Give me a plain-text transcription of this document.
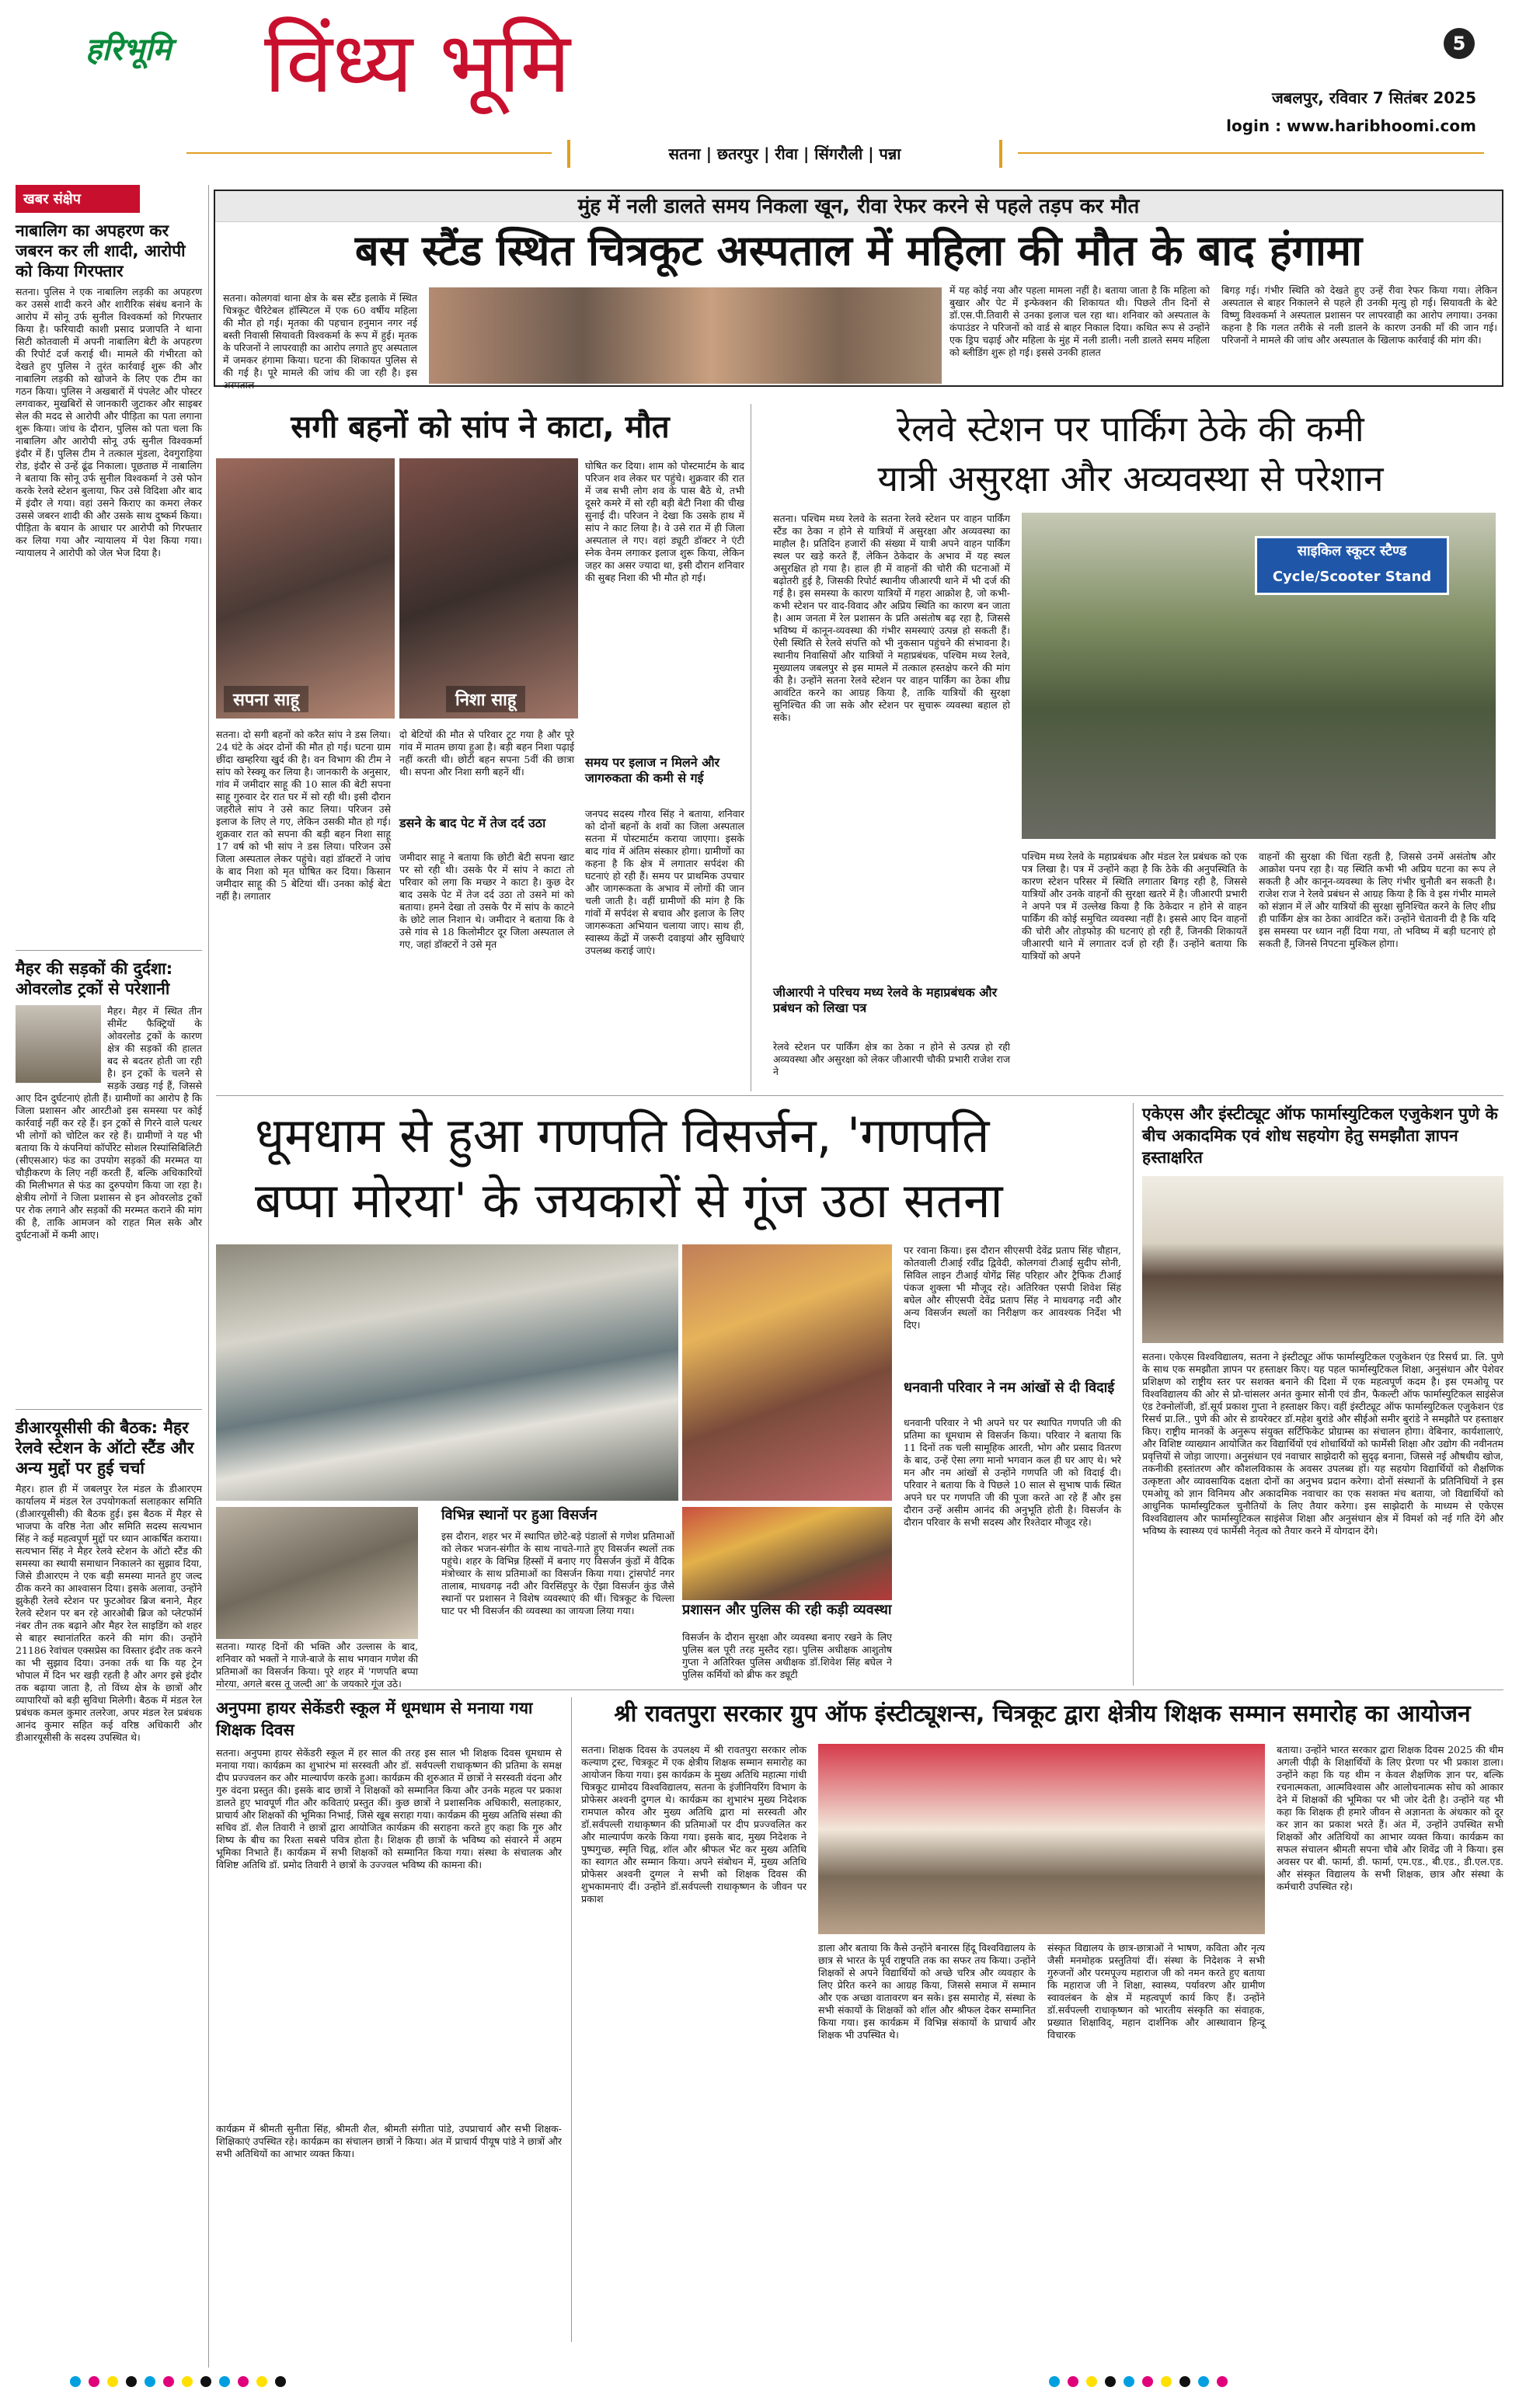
हरिभूमि विंध्य भूमि	5
जबलपुर, रविवार 7 सितंबर 2025
login : www.haribhoomi.com
सतना | छतरपुर | रीवा | सिंगरौली | पन्ना
खबर संक्षेप
नाबालिग का अपहरण कर जबरन कर ली शादी, आरोपी को किया गिरफ्तार
सतना। पुलिस ने एक नाबालिग लड़की का अपहरण कर उससे शादी करने और शारीरिक संबंध बनाने के आरोप में सोनू उर्फ सुनील विश्वकर्मा को गिरफ्तार किया है। फरियादी काशी प्रसाद प्रजापति ने थाना सिटी कोतवाली में अपनी नाबालिग बेटी के अपहरण की रिपोर्ट दर्ज कराई थी। मामले की गंभीरता को देखते हुए पुलिस ने तुरंत कार्रवाई शुरू की और नाबालिग लड़की को खोजने के लिए एक टीम का गठन किया। पुलिस ने अखबारों में पंपलेट और पोस्टर लगवाकर, मुखबिरों से जानकारी जुटाकर और साइबर सेल की मदद से आरोपी और पीड़िता का पता लगाना शुरू किया। जांच के दौरान, पुलिस को पता चला कि नाबालिग और आरोपी सोनू उर्फ सुनील विश्वकर्मा इंदौर में हैं। पुलिस टीम ने तत्काल मुंडला, देवगुराड़िया रोड, इंदौर से उन्हें ढूंढ निकाला। पूछताछ में नाबालिग ने बताया कि सोनू उर्फ सुनील विश्वकर्मा ने उसे फोन करके रेलवे स्टेशन बुलाया, फिर उसे विदिशा और बाद में इंदौर ले गया। वहां उसने किराए का कमरा लेकर उससे जबरन शादी की और उसके साथ दुष्कर्म किया। पीड़िता के बयान के आधार पर आरोपी को गिरफ्तार कर लिया गया और न्यायालय में पेश किया गया। न्यायालय ने आरोपी को जेल भेज दिया है।
मैहर की सड़कों की दुर्दशा: ओवरलोड ट्रकों से परेशानी
मैहर। मैहर में स्थित तीन सीमेंट फैक्ट्रियों के ओवरलोड ट्रकों के कारण क्षेत्र की सड़कों की हालत बद से बदतर होती जा रही है। इन ट्रकों के चलने से सड़कें उखड़ गई हैं, जिससे आए दिन दुर्घटनाएं होती हैं। ग्रामीणों का आरोप है कि जिला प्रशासन और आरटीओ इस समस्या पर कोई कार्रवाई नहीं कर रहे हैं। इन ट्रकों से गिरने वाले पत्थर भी लोगों को चोटिल कर रहे हैं। ग्रामीणों ने यह भी बताया कि ये कंपनियां कॉर्पोरेट सोशल रिस्पांसिबिलिटी (सीएसआर) फंड का उपयोग सड़कों की मरम्मत या चौड़ीकरण के लिए नहीं करती हैं, बल्कि अधिकारियों की मिलीभगत से फंड का दुरुपयोग किया जा रहा है। क्षेत्रीय लोगों ने जिला प्रशासन से इन ओवरलोड ट्रकों पर रोक लगाने और सड़कों की मरम्मत कराने की मांग की है, ताकि आमजन को राहत मिल सके और दुर्घटनाओं में कमी आए।
डीआरयूसीसी की बैठक: मैहर रेलवे स्टेशन के ऑटो स्टैंड और अन्य मुद्दों पर हुई चर्चा
मैहर। हाल ही में जबलपुर रेल मंडल के डीआरएम कार्यालय में मंडल रेल उपयोगकर्ता सलाहकार समिति (डीआरयूसीसी) की बैठक हुई। इस बैठक में मैहर से भाजपा के वरिष्ठ नेता और समिति सदस्य सत्यभान सिंह ने कई महत्वपूर्ण मुद्दों पर ध्यान आकर्षित कराया। सत्यभान सिंह ने मैहर रेलवे स्टेशन के ऑटो स्टैंड की समस्या का स्थायी समाधान निकालने का सुझाव दिया, जिसे डीआरएम ने एक बड़ी समस्या मानते हुए जल्द ठीक करने का आश्वासन दिया। इसके अलावा, उन्होंने झुकेही रेलवे स्टेशन पर फुटओवर ब्रिज बनाने, मैहर रेलवे स्टेशन पर बन रहे आरओबी ब्रिज को प्लेटफॉर्म नंबर तीन तक बढ़ाने और मैहर रेल साइडिंग को शहर से बाहर स्थानांतरित करने की मांग की। उन्होंने 21186 रेवांचल एक्सप्रेस का विस्तार इंदौर तक करने का भी सुझाव दिया। उनका तर्क था कि यह ट्रेन भोपाल में दिन भर खड़ी रहती है और अगर इसे इंदौर तक बढ़ाया जाता है, तो विंध्य क्षेत्र के छात्रों और व्यापारियों को बड़ी सुविधा मिलेगी। बैठक में मंडल रेल प्रबंधक कमल कुमार तलरेजा, अपर मंडल रेल प्रबंधक आनंद कुमार सहित कई वरिष्ठ अधिकारी और डीआरयूसीसी के सदस्य उपस्थित थे।
मुंह में नली डालते समय निकला खून, रीवा रेफर करने से पहले तड़प कर मौत
बस स्टैंड स्थित चित्रकूट अस्पताल में महिला की मौत के बाद हंगामा
सतना। कोलगवां थाना क्षेत्र के बस स्टैंड इलाके में स्थित चित्रकूट चैरिटेबल हॉस्पिटल में एक 60 वर्षीय महिला की मौत हो गई। मृतका की पहचान हनुमान नगर नई बस्ती निवासी सियावती विश्वकर्मा के रूप में हुई। मृतक के परिजनों ने लापरवाही का आरोप लगाते हुए अस्पताल में जमकर हंगामा किया। घटना की शिकायत पुलिस से की गई है। पूरे मामले की जांच की जा रही है। इस अस्पताल
में यह कोई नया और पहला मामला नहीं है। बताया जाता है कि महिला को बुखार और पेट में इन्फेक्शन की शिकायत थी। पिछले तीन दिनों से डॉ.एस.पी.तिवारी से उनका इलाज चल रहा था। शनिवार को अस्पताल के कंपाउंडर ने परिजनों को वार्ड से बाहर निकाल दिया। कथित रूप से उन्होंने एक ड्रिप चढ़ाई और महिला के मुंह में नली डाली। नली डालते समय महिला को ब्लीडिंग शुरू हो गई। इससे उनकी हालत
बिगड़ गई। गंभीर स्थिति को देखते हुए उन्हें रीवा रेफर किया गया। लेकिन अस्पताल से बाहर निकालने से पहले ही उनकी मृत्यु हो गई। सियावती के बेटे विष्णु विश्वकर्मा ने अस्पताल प्रशासन पर लापरवाही का आरोप लगाया। उनका कहना है कि गलत तरीके से नली डालने के कारण उनकी माँ की जान गई। परिजनों ने मामले की जांच और अस्पताल के खिलाफ कार्रवाई की मांग की।
सगी बहनों को सांप ने काटा, मौत
सपना साहू	निशा साहू
सतना। दो सगी बहनों को करैत सांप ने डस लिया। 24 घंटे के अंदर दोनों की मौत हो गई। घटना ग्राम छींदा खम्हरिया खुर्द की है। वन विभाग की टीम ने सांप को रेस्क्यू कर लिया है। जानकारी के अनुसार, गांव में जमीदार साहू की 10 साल की बेटी सपना साहू गुरुवार देर रात घर में सो रही थी। इसी दौरान जहरीले सांप ने उसे काट लिया। परिजन उसे इलाज के लिए ले गए, लेकिन उसकी मौत हो गई। शुक्रवार रात को सपना की बड़ी बहन निशा साहू 17 वर्ष को भी सांप ने डस लिया। परिजन उसे जिला अस्पताल लेकर पहुंचे। वहां डॉक्टरों ने जांच के बाद निशा को मृत घोषित कर दिया। किसान जमीदार साहू की 5 बेटियां थीं। उनका कोई बेटा नहीं है। लगातार
दो बेटियों की मौत से परिवार टूट गया है और पूरे गांव में मातम छाया हुआ है। बड़ी बहन निशा पढ़ाई नहीं करती थी। छोटी बहन सपना 5वीं की छात्रा थी। सपना और निशा सगी बहनें थीं।
डसने के बाद पेट में तेज दर्द उठा
जमीदार साहू ने बताया कि छोटी बेटी सपना खाट पर सो रही थी। उसके पैर में सांप ने काटा तो परिवार को लगा कि मच्छर ने काटा है। कुछ देर बाद उसके पेट में तेज दर्द उठा तो उसने मां को बताया। हमने देखा तो उसके पैर में सांप के काटने के छोटे लाल निशान थे। जमीदार ने बताया कि वे उसे गांव से 18 किलोमीटर दूर जिला अस्पताल ले गए, जहां डॉक्टरों ने उसे मृत
घोषित कर दिया। शाम को पोस्टमार्टम के बाद परिजन शव लेकर घर पहुंचे। शुक्रवार की रात में जब सभी लोग शव के पास बैठे थे, तभी दूसरे कमरे में सो रही बड़ी बेटी निशा की चीख सुनाई दी। परिजन ने देखा कि उसके हाथ में सांप ने काट लिया है। वे उसे रात में ही जिला अस्पताल ले गए। वहां ड्यूटी डॉक्टर ने एंटी स्नेक वेनम लगाकर इलाज शुरू किया, लेकिन जहर का असर ज्यादा था, इसी दौरान शनिवार की सुबह निशा की भी मौत हो गई।
समय पर इलाज न मिलने और जागरुकता की कमी से गई
जनपद सदस्य गौरव सिंह ने बताया, शनिवार को दोनों बहनों के शवों का जिला अस्पताल सतना में पोस्टमार्टम कराया जाएगा। इसके बाद गांव में अंतिम संस्कार होगा। ग्रामीणों का कहना है कि क्षेत्र में लगातार सर्पदंश की घटनाएं हो रही हैं। समय पर प्राथमिक उपचार और जागरूकता के अभाव में लोगों की जान चली जाती है। वहीं ग्रामीणों की मांग है कि गांवों में सर्पदंश से बचाव और इलाज के लिए जागरूकता अभियान चलाया जाए। साथ ही, स्वास्थ्य केंद्रों में जरूरी दवाइयां और सुविधाएं उपलब्ध कराई जाएं।
रेलवे स्टेशन पर पार्किंग ठेके की कमी
यात्री असुरक्षा और अव्यवस्था से परेशान
सतना। पश्चिम मध्य रेलवे के सतना रेलवे स्टेशन पर वाहन पार्किंग स्टैंड का ठेका न होने से यात्रियों में असुरक्षा और अव्यवस्था का माहौल है। प्रतिदिन हजारों की संख्या में यात्री अपने वाहन पार्किंग स्थल पर खड़े करते हैं, लेकिन ठेकेदार के अभाव में यह स्थल असुरक्षित हो गया है। हाल ही में वाहनों की चोरी की घटनाओं में बढ़ोतरी हुई है, जिसकी रिपोर्ट स्थानीय जीआरपी थाने में भी दर्ज की गई है। इस समस्या के कारण यात्रियों में गहरा आक्रोश है, जो कभी-कभी स्टेशन पर वाद-विवाद और अप्रिय स्थिति का कारण बन जाता है। आम जनता में रेल प्रशासन के प्रति असंतोष बढ़ रहा है, जिससे भविष्य में कानून-व्यवस्था की गंभीर समस्याएं उत्पन्न हो सकती हैं। ऐसी स्थिति से रेलवे संपत्ति को भी नुकसान पहुंचने की संभावना है। स्थानीय निवासियों और यात्रियों ने महाप्रबंधक, पश्चिम मध्य रेलवे, मुख्यालय जबलपुर से इस मामले में तत्काल हस्तक्षेप करने की मांग की है। उन्होंने सतना रेलवे स्टेशन पर वाहन पार्किंग का ठेका शीघ्र आवंटित करने का आग्रह किया है, ताकि यात्रियों की सुरक्षा सुनिश्चित की जा सके और स्टेशन पर सुचारू व्यवस्था बहाल हो सके।
जीआरपी ने परिचय मध्य रेलवे के महाप्रबंधक और प्रबंधन को लिखा पत्र
रेलवे स्टेशन पर पार्किंग क्षेत्र का ठेका न होने से उत्पन्न हो रही अव्यवस्था और असुरक्षा को लेकर जीआरपी चौकी प्रभारी राजेश राज ने
साइकिल स्कूटर स्टैण्ड
Cycle/Scooter Stand
पश्चिम मध्य रेलवे के महाप्रबंधक और मंडल रेल प्रबंधक को एक पत्र लिखा है। पत्र में उन्होंने कहा है कि ठेके की अनुपस्थिति के कारण स्टेशन परिसर में स्थिति लगातार बिगड़ रही है, जिससे यात्रियों और उनके वाहनों की सुरक्षा खतरे में है। जीआरपी प्रभारी ने अपने पत्र में उल्लेख किया है कि ठेकेदार न होने से वाहन पार्किंग की कोई समुचित व्यवस्था नहीं है। इससे आए दिन वाहनों की चोरी और तोड़फोड़ की घटनाएं हो रही हैं, जिनकी शिकायतें जीआरपी थाने में लगातार दर्ज हो रही हैं। उन्होंने बताया कि यात्रियों को अपने
वाहनों की सुरक्षा की चिंता रहती है, जिससे उनमें असंतोष और आक्रोश पनप रहा है। यह स्थिति कभी भी अप्रिय घटना का रूप ले सकती है और कानून-व्यवस्था के लिए गंभीर चुनौती बन सकती है। राजेश राज ने रेलवे प्रबंधन से आग्रह किया है कि वे इस गंभीर मामले को संज्ञान में लें और यात्रियों की सुरक्षा सुनिश्चित करने के लिए शीघ्र ही पार्किंग क्षेत्र का ठेका आवंटित करें। उन्होंने चेतावनी दी है कि यदि इस समस्या पर ध्यान नहीं दिया गया, तो भविष्य में बड़ी घटनाएं हो सकती हैं, जिनसे निपटना मुश्किल होगा।
धूमधाम से हुआ गणपति विसर्जन, 'गणपति
बप्पा मोरया' के जयकारों से गूंज उठा सतना
पर रवाना किया। इस दौरान सीएसपी देवेंद्र प्रताप सिंह चौहान, कोतवाली टीआई रवींद्र द्विवेदी, कोलगवां टीआई सुदीप सोनी, सिविल लाइन टीआई योगेंद्र सिंह परिहार और ट्रैफिक टीआई पंकज शुक्ला भी मौजूद रहे। अतिरिक्त एसपी शिवेश सिंह बघेल और सीएसपी देवेंद्र प्रताप सिंह ने माधवगढ़ नदी और अन्य विसर्जन स्थलों का निरीक्षण कर आवश्यक निर्देश भी दिए।
धनवानी परिवार ने नम आंखों से दी विदाई
धनवानी परिवार ने भी अपने घर पर स्थापित गणपति जी की प्रतिमा का धूमधाम से विसर्जन किया। परिवार ने बताया कि 11 दिनों तक चली सामूहिक आरती, भोग और प्रसाद वितरण के बाद, उन्हें ऐसा लगा मानो भगवान कल ही घर आए थे। भरे मन और नम आंखों से उन्होंने गणपति जी को विदाई दी। परिवार ने बताया कि वे पिछले 10 साल से सुभाष पार्क स्थित अपने घर पर गणपति जी की पूजा करते आ रहे हैं और इस दौरान उन्हें असीम आनंद की अनुभूति होती है। विसर्जन के दौरान परिवार के सभी सदस्य और रिश्तेदार मौजूद रहे।
सतना। ग्यारह दिनों की भक्ति और उल्लास के बाद, शनिवार को भक्तों ने गाजे-बाजे के साथ भगवान गणेश की प्रतिमाओं का विसर्जन किया। पूरे शहर में 'गणपति बप्पा मोरया, अगले बरस तू जल्दी आ' के जयकारे गूंज उठे।
विभिन्न स्थानों पर हुआ विसर्जन
इस दौरान, शहर भर में स्थापित छोटे-बड़े पंडालों से गणेश प्रतिमाओं को लेकर भजन-संगीत के साथ नाचते-गाते हुए विसर्जन स्थलों तक पहुंचे। शहर के विभिन्न हिस्सों में बनाए गए विसर्जन कुंडों में वैदिक मंत्रोच्चार के साथ प्रतिमाओं का विसर्जन किया गया। ट्रांसपोर्ट नगर तालाब, माधवगढ़ नदी और विरसिंहपुर के ऐंझा विसर्जन कुंड जैसे स्थानों पर प्रशासन ने विशेष व्यवस्थाएं की थीं। चित्रकूट के चिल्ला घाट पर भी विसर्जन की व्यवस्था का जायजा लिया गया।	प्रशासन और पुलिस की रही कड़ी व्यवस्था
विसर्जन के दौरान सुरक्षा और व्यवस्था बनाए रखने के लिए पुलिस बल पूरी तरह मुस्तैद रहा। पुलिस अधीक्षक आशुतोष गुप्ता ने अतिरिक्त पुलिस अधीक्षक डॉ.शिवेश सिंह बघेल ने पुलिस कर्मियों को ब्रीफ कर ड्यूटी
एकेएस और इंस्टीट्यूट ऑफ फार्मास्युटिकल एजुकेशन पुणे के बीच अकादमिक एवं शोध सहयोग हेतु समझौता ज्ञापन हस्ताक्षरित
सतना। एकेएस विश्वविद्यालय, सतना ने इंस्टीट्यूट ऑफ फार्मास्युटिकल एजुकेशन एंड रिसर्च प्रा. लि. पुणे के साथ एक समझौता ज्ञापन पर हस्ताक्षर किए। यह पहल फार्मास्युटिकल शिक्षा, अनुसंधान और पेशेवर प्रशिक्षण को राष्ट्रीय स्तर पर सशक्त बनाने की दिशा में एक महत्वपूर्ण कदम है। इस एमओयू पर विश्वविद्यालय की ओर से प्रो-चांसलर अनंत कुमार सोनी एवं डीन, फैकल्टी ऑफ फार्मास्युटिकल साइंसेज एंड टेक्नोलॉजी, डॉ.सूर्य प्रकाश गुप्ता ने हस्ताक्षर किए। वहीं इंस्टीट्यूट ऑफ फार्मास्युटिकल एजुकेशन एंड रिसर्च प्रा.लि., पुणे की ओर से डायरेक्टर डॉ.महेश बुरांडे और सीईओ समीर बुरांडे ने समझौते पर हस्ताक्षर किए। राष्ट्रीय मानकों के अनुरूप संयुक्त सर्टिफिकेट प्रोग्राम्स का संचालन होगा। वेबिनार, कार्यशालाएं, और विशिष्ट व्याख्यान आयोजित कर विद्यार्थियों एवं शोधार्थियों को फार्मेसी शिक्षा और उद्योग की नवीनतम प्रवृत्तियों से जोड़ा जाएगा। अनुसंधान एवं नवाचार साझेदारी को सुदृढ़ बनाना, जिससे नई औषधीय खोज, तकनीकी हस्तांतरण और कौशलविकास के अवसर उपलब्ध हों। यह सहयोग विद्यार्थियों को शैक्षणिक उत्कृष्टता और व्यावसायिक दक्षता दोनों का अनुभव प्रदान करेगा। दोनों संस्थानों के प्रतिनिधियों ने इस एमओयू को ज्ञान विनिमय और अकादमिक नवाचार का एक सशक्त मंच बताया, जो विद्यार्थियों को आधुनिक फार्मास्युटिकल चुनौतियों के लिए तैयार करेगा। इस साझेदारी के माध्यम से एकेएस विश्वविद्यालय और फार्मास्युटिकल साइंसेज शिक्षा और अनुसंधान क्षेत्र में विमर्श को नई गति देंगे और भविष्य के स्वास्थ्य एवं फार्मेसी नेतृत्व को तैयार करने में योगदान देंगे।
अनुपमा हायर सेकेंडरी स्कूल में धूमधाम से मनाया गया शिक्षक दिवस
सतना। अनुपमा हायर सेकेंडरी स्कूल में हर साल की तरह इस साल भी शिक्षक दिवस धूमधाम से मनाया गया। कार्यक्रम का शुभारंभ मां सरस्वती और डॉ. सर्वपल्ली राधाकृष्णन की प्रतिमा के समक्ष दीप प्रज्ज्वलन कर और माल्यार्पण करके हुआ। कार्यक्रम की शुरुआत में छात्रों ने सरस्वती वंदना और गुरु वंदना प्रस्तुत की। इसके बाद छात्रों ने शिक्षकों को सम्मानित किया और उनके महत्व पर प्रकाश डालते हुए भावपूर्ण गीत और कविताएं प्रस्तुत कीं। कुछ छात्रों ने प्रशासनिक अधिकारी, सलाहकार, प्राचार्य और शिक्षकों की भूमिका निभाई, जिसे खूब सराहा गया। कार्यक्रम की मुख्य अतिथि संस्था की सचिव डॉ. शैल तिवारी ने छात्रों द्वारा आयोजित कार्यक्रम की सराहना करते हुए कहा कि गुरु और शिष्य के बीच का रिश्ता सबसे पवित्र होता है। शिक्षक ही छात्रों के भविष्य को संवारने में अहम भूमिका निभाते हैं। कार्यक्रम में सभी शिक्षकों को सम्मानित किया गया। संस्था के संचालक और विशिष्ट अतिथि डॉ. प्रमोद तिवारी ने छात्रों के उज्ज्वल भविष्य की कामना की।
कार्यक्रम में श्रीमती सुनीता सिंह, श्रीमती शैल, श्रीमती संगीता पांडे, उपप्राचार्य और सभी शिक्षक-शिक्षिकाएं उपस्थित रहे। कार्यक्रम का संचालन छात्रों ने किया। अंत में प्राचार्य पीयूष पांडे ने छात्रों और सभी अतिथियों का आभार व्यक्त किया।
श्री रावतपुरा सरकार ग्रुप ऑफ इंस्टीट्यूशन्स, चित्रकूट द्वारा क्षेत्रीय शिक्षक सम्मान समारोह का आयोजन
सतना। शिक्षक दिवस के उपलक्ष्य में श्री रावतपुरा सरकार लोक कल्याण ट्रस्ट, चित्रकूट में एक क्षेत्रीय शिक्षक सम्मान समारोह का आयोजन किया गया। इस कार्यक्रम के मुख्य अतिथि महात्मा गांधी चित्रकूट ग्रामोदय विश्वविद्यालय, सतना के इंजीनियरिंग विभाग के प्रोफेसर अश्वनी दुग्गल थे। कार्यक्रम का शुभारंभ मुख्य निदेशक रामपाल कौरव और मुख्य अतिथि द्वारा मां सरस्वती और डॉ.सर्वपल्ली राधाकृष्णन की प्रतिमाओं पर दीप प्रज्ज्वलित कर और माल्यार्पण करके किया गया। इसके बाद, मुख्य निदेशक ने पुष्पगुच्छ, स्मृति चिह्न, शॉल और श्रीफल भेंट कर मुख्य अतिथि का स्वागत और सम्मान किया। अपने संबोधन में, मुख्य अतिथि प्रोफेसर अश्वनी दुग्गल ने सभी को शिक्षक दिवस की शुभकामनाएं दीं। उन्होंने डॉ.सर्वपल्ली राधाकृष्णन के जीवन पर प्रकाश
डाला और बताया कि कैसे उन्होंने बनारस हिंदू विश्वविद्यालय के छात्र से भारत के पूर्व राष्ट्रपति तक का सफर तय किया। उन्होंने शिक्षकों से अपने विद्यार्थियों को अच्छे चरित्र और व्यवहार के लिए प्रेरित करने का आग्रह किया, जिससे समाज में सम्मान और एक अच्छा वातावरण बन सके। इस समारोह में, संस्था के सभी संकायों के शिक्षकों को शॉल और श्रीफल देकर सम्मानित किया गया। इस कार्यक्रम में विभिन्न संकायों के प्राचार्य और शिक्षक भी उपस्थित थे।
संस्कृत विद्यालय के छात्र-छात्राओं ने भाषण, कविता और नृत्य जैसी मनमोहक प्रस्तुतियां दीं। संस्था के निदेशक ने सभी गुरुजनों और परमपूज्य महाराज जी को नमन करते हुए बताया कि महाराज जी ने शिक्षा, स्वास्थ्य, पर्यावरण और ग्रामीण स्वावलंबन के क्षेत्र में महत्वपूर्ण कार्य किए हैं। उन्होंने डॉ.सर्वपल्ली राधाकृष्णन को भारतीय संस्कृति का संवाहक, प्रख्यात शिक्षाविद्, महान दार्शनिक और आस्थावान हिन्दू विचारक
बताया। उन्होंने भारत सरकार द्वारा शिक्षक दिवस 2025 की थीम अगली पीढ़ी के शिक्षार्थियों के लिए प्रेरणा पर भी प्रकाश डाला। उन्होंने कहा कि यह थीम न केवल शैक्षणिक ज्ञान पर, बल्कि रचनात्मकता, आत्मविश्वास और आलोचनात्मक सोच को आकार देने में शिक्षकों की भूमिका पर भी जोर देती है। उन्होंने यह भी कहा कि शिक्षक ही हमारे जीवन से अज्ञानता के अंधकार को दूर कर ज्ञान का प्रकाश भरते हैं। अंत में, उन्होंने उपस्थित सभी शिक्षकों और अतिथियों का आभार व्यक्त किया। कार्यक्रम का सफल संचालन श्रीमती सपना चौबे और शिवेंद्र जी ने किया। इस अवसर पर बी. फार्मा, डी. फार्मा, एम.एड., बी.एड., डी.एल.एड. और संस्कृत विद्यालय के सभी शिक्षक, छात्र और संस्था के कर्मचारी उपस्थित रहे।
